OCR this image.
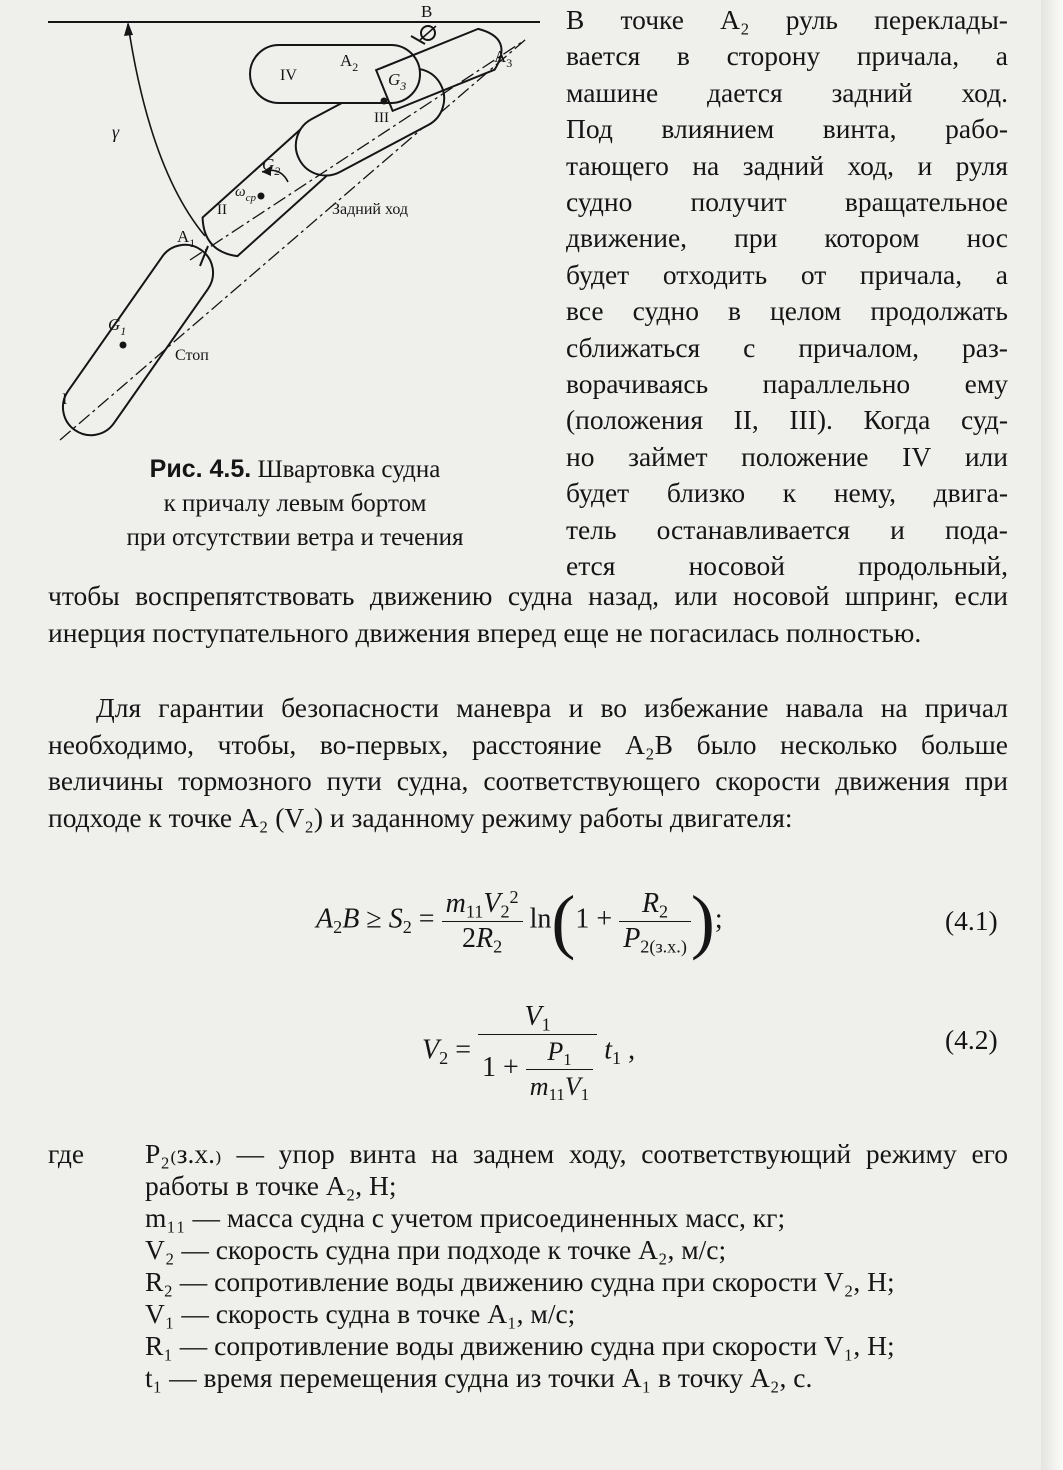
B
$A_2$
$A_3$
IV
III
II
I
$A_1$
$G_1$
$G_2$
$G_3$
γ
$\omega_{ср}$
Задний ход
Стоп
Рис. 4.5. Швартовка судна
к причалу левым бортом
при отсутствии ветра и течения
В точке A₂ руль переклады-
вается в сторону причала, а
машине дается задний ход.
Под влиянием винта, рабо-
тающего на задний ход, и руля
судно получит вращательное
движение, при котором нос
будет отходить от причала, а
все судно в целом продолжать
сближаться с причалом, раз-
ворачиваясь параллельно ему
(положения II, III). Когда суд-
но займет положение IV или
будет близко к нему, двига-
тель останавливается и пода-
ется	носовой	продольный,
чтобы воспрепятствовать движению судна назад, или носовой шпринг, если инерция поступательного движения вперед еще не погасилась полностью.
Для гарантии безопасности маневра и во избежание навала на причал необходимо, чтобы, во-первых, расстояние A₂B было несколько больше величины тормозного пути судна, соответствующего скорости движения при подходе к точке A₂ (V₂) и заданному режиму работы двигателя:
$A_2B \ge S_2 = \frac{m_{11}V_2^2}{2R_2} \ln(1 + \frac{R_2}{P_{2(з.х.)}}$ );	(4.1)
$V_2 = \frac{V_1}{1 + \frac{P_1}{m_{11}V_1}} t_1$ ,	(4.2)
где	P₂₍з.х.₎ — упор винта на заднем ходу, соответствующий режиму его работы в точке A₂, Н;
m₁₁ — масса судна с учетом присоединенных масс, кг;
V₂ — скорость судна при подходе к точке A₂, м/с;
R₂ — сопротивление воды движению судна при скорости V₂, Н;
V₁ — скорость судна в точке A₁, м/с;
R₁ — сопротивление воды движению судна при скорости V₁, Н;
t₁ — время перемещения судна из точки A₁ в точку A₂, с.
